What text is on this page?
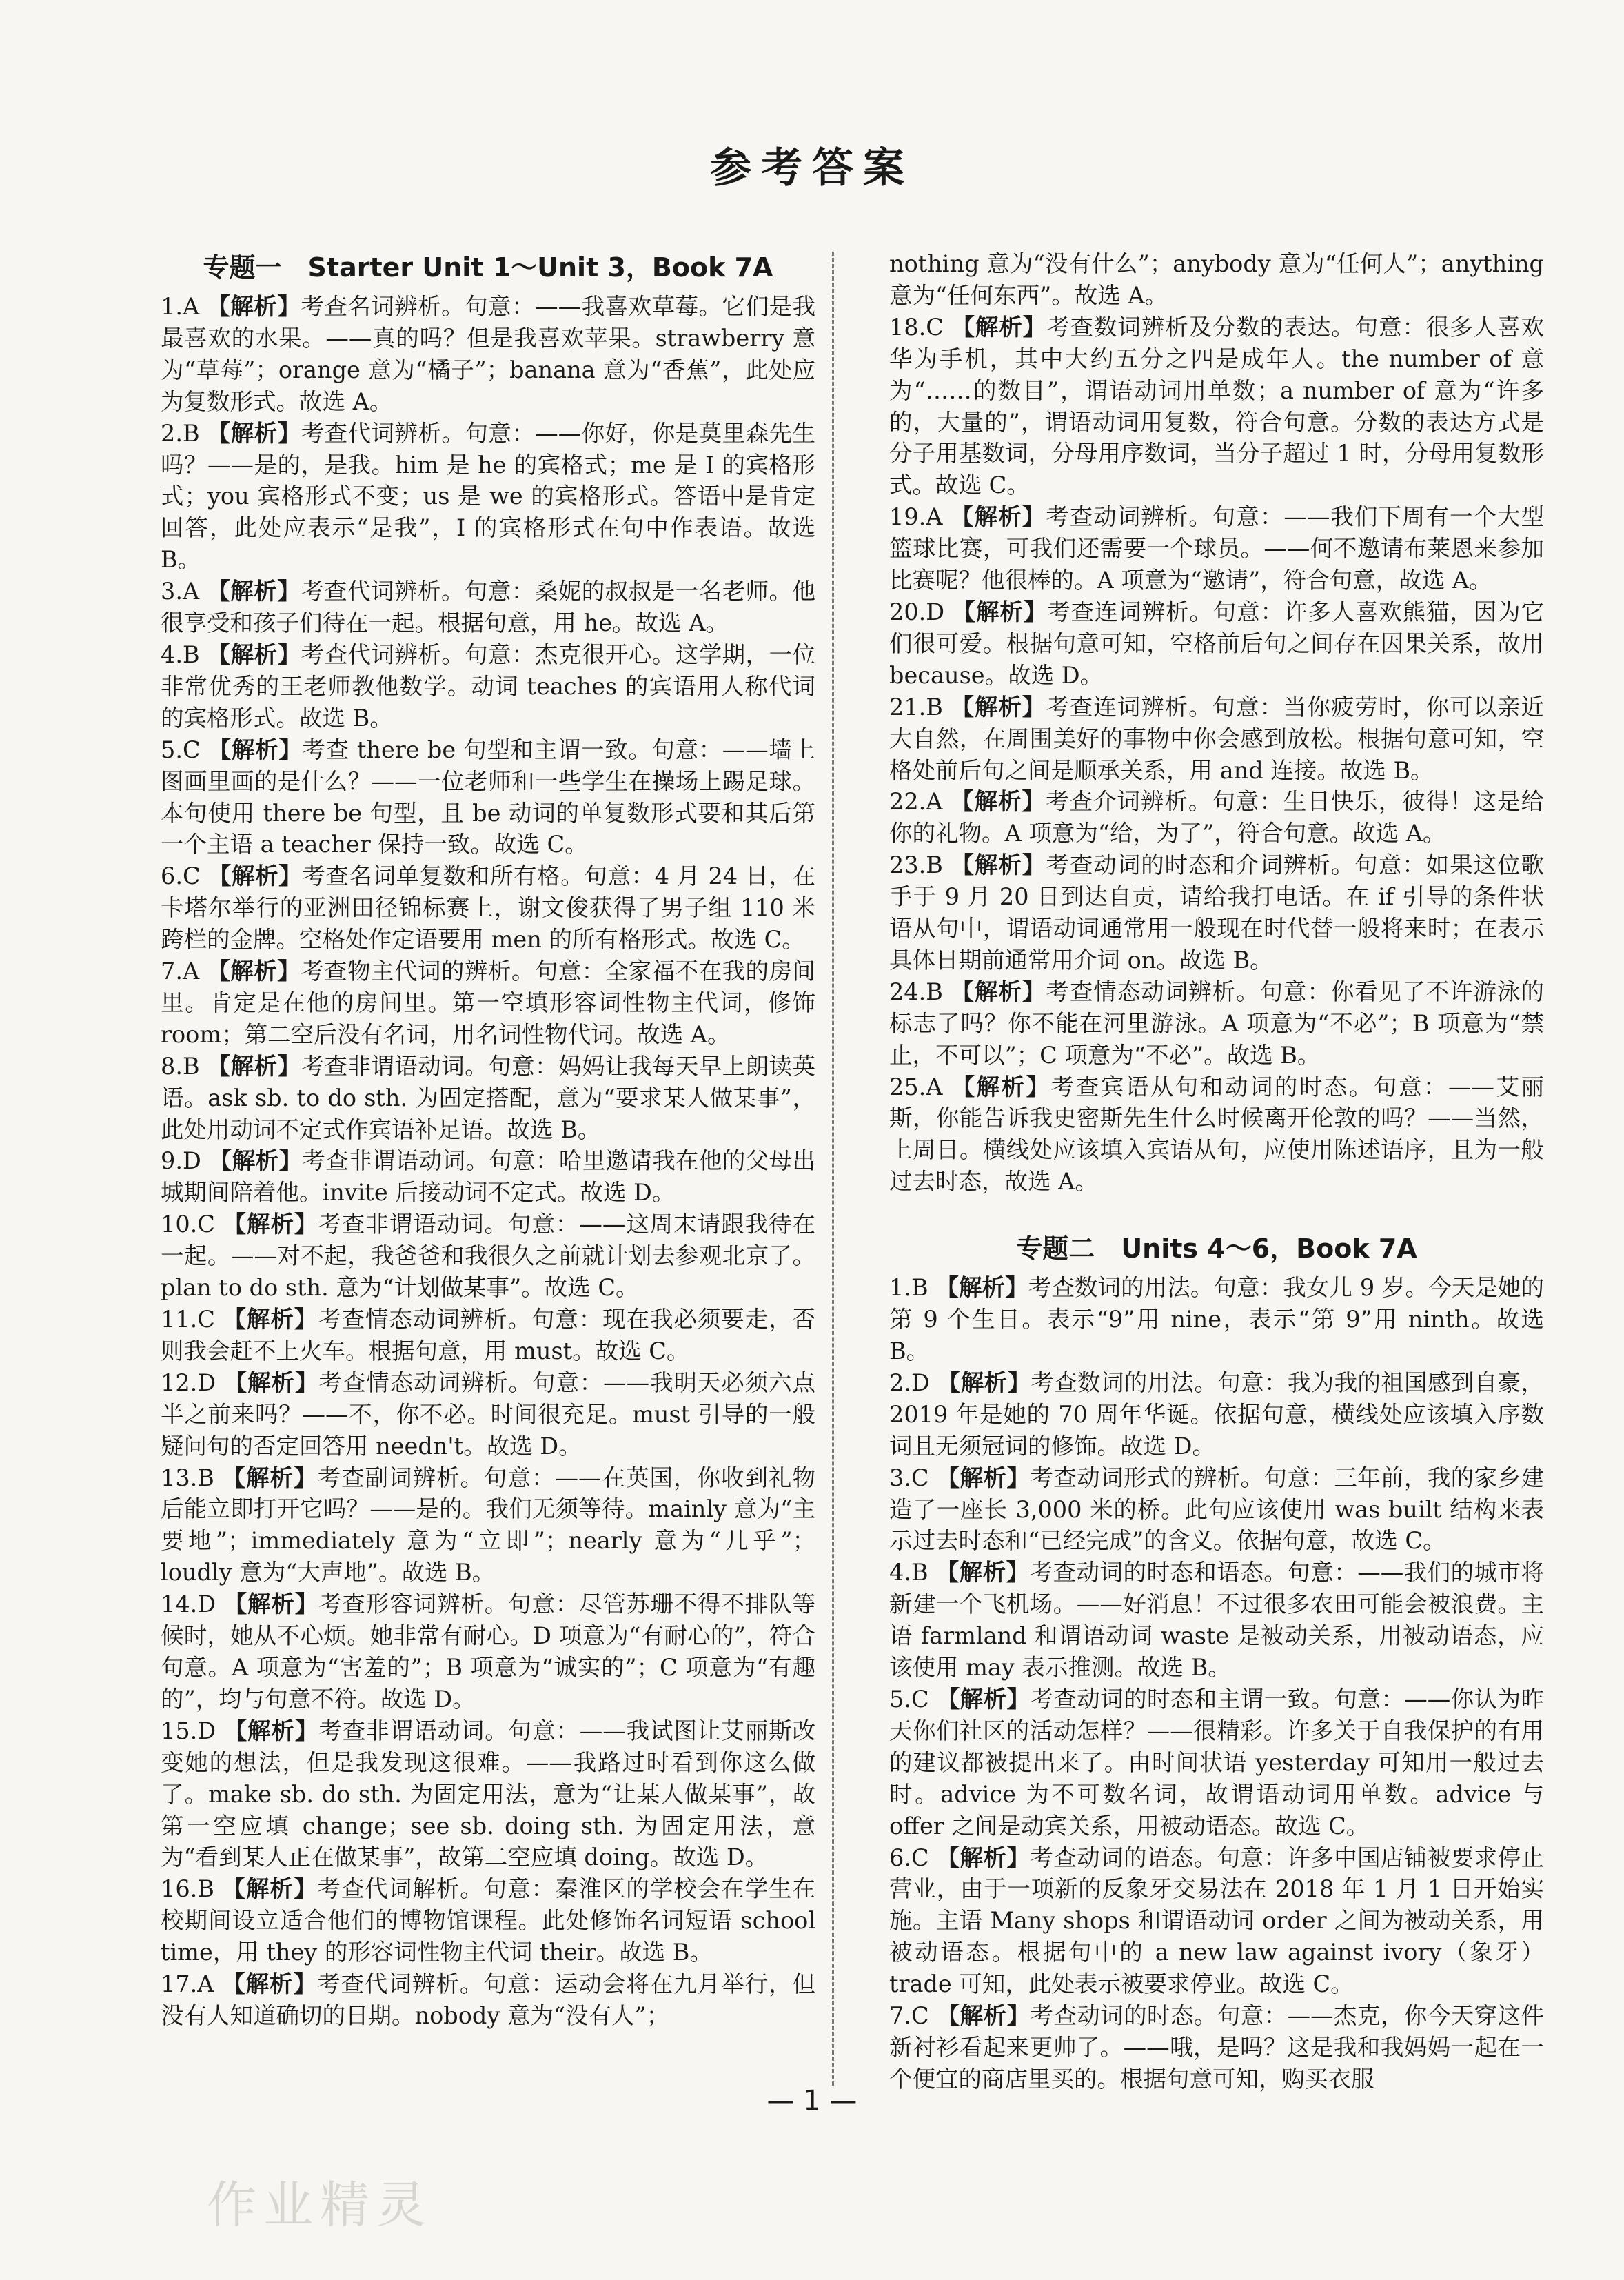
参考答案
专题一　Starter Unit 1～Unit 3，Book 7A

1.A 【解析】考查名词辨析。句意：——我喜欢草莓。它们是我最喜欢的水果。——真的吗？但是我喜欢苹果。strawberry 意为“草莓”；orange 意为“橘子”；banana 意为“香蕉”，此处应为复数形式。故选 A。

2.B 【解析】考查代词辨析。句意：——你好，你是莫里森先生吗？——是的，是我。him 是 he 的宾格式；me 是 I 的宾格形式；you 宾格形式不变；us 是 we 的宾格形式。答语中是肯定回答，此处应表示“是我”，I 的宾格形式在句中作表语。故选 B。

3.A 【解析】考查代词辨析。句意：桑妮的叔叔是一名老师。他很享受和孩子们待在一起。根据句意，用 he。故选 A。

4.B 【解析】考查代词辨析。句意：杰克很开心。这学期，一位非常优秀的王老师教他数学。动词 teaches 的宾语用人称代词的宾格形式。故选 B。

5.C 【解析】考查 there be 句型和主谓一致。句意：——墙上图画里画的是什么？——一位老师和一些学生在操场上踢足球。本句使用 there be 句型，且 be 动词的单复数形式要和其后第一个主语 a teacher 保持一致。故选 C。

6.C 【解析】考查名词单复数和所有格。句意：4 月 24 日，在卡塔尔举行的亚洲田径锦标赛上，谢文俊获得了男子组 110 米跨栏的金牌。空格处作定语要用 men 的所有格形式。故选 C。

7.A 【解析】考查物主代词的辨析。句意：全家福不在我的房间里。肯定是在他的房间里。第一空填形容词性物主代词，修饰 room；第二空后没有名词，用名词性物代词。故选 A。

8.B 【解析】考查非谓语动词。句意：妈妈让我每天早上朗读英语。ask sb. to do sth. 为固定搭配，意为“要求某人做某事”，此处用动词不定式作宾语补足语。故选 B。

9.D 【解析】考查非谓语动词。句意：哈里邀请我在他的父母出城期间陪着他。invite 后接动词不定式。故选 D。

10.C 【解析】考查非谓语动词。句意：——这周末请跟我待在一起。——对不起，我爸爸和我很久之前就计划去参观北京了。plan to do sth. 意为“计划做某事”。故选 C。

11.C 【解析】考查情态动词辨析。句意：现在我必须要走，否则我会赶不上火车。根据句意，用 must。故选 C。

12.D 【解析】考查情态动词辨析。句意：——我明天必须六点半之前来吗？——不，你不必。时间很充足。must 引导的一般疑问句的否定回答用 needn't。故选 D。

13.B 【解析】考查副词辨析。句意：——在英国，你收到礼物后能立即打开它吗？——是的。我们无须等待。mainly 意为“主要地”；immediately 意为“立即”；nearly 意为“几乎”；loudly 意为“大声地”。故选 B。

14.D 【解析】考查形容词辨析。句意：尽管苏珊不得不排队等候时，她从不心烦。她非常有耐心。D 项意为“有耐心的”，符合句意。A 项意为“害羞的”；B 项意为“诚实的”；C 项意为“有趣的”，均与句意不符。故选 D。

15.D 【解析】考查非谓语动词。句意：——我试图让艾丽斯改变她的想法，但是我发现这很难。——我路过时看到你这么做了。make sb. do sth. 为固定用法，意为“让某人做某事”，故第一空应填 change；see sb. doing sth. 为固定用法，意为“看到某人正在做某事”，故第二空应填 doing。故选 D。

16.B 【解析】考查代词解析。句意：秦淮区的学校会在学生在校期间设立适合他们的博物馆课程。此处修饰名词短语 school time，用 they 的形容词性物主代词 their。故选 B。

17.A 【解析】考查代词辨析。句意：运动会将在九月举行，但没有人知道确切的日期。nobody 意为“没有人”；

nothing 意为“没有什么”；anybody 意为“任何人”；anything 意为“任何东西”。故选 A。

18.C 【解析】考查数词辨析及分数的表达。句意：很多人喜欢华为手机，其中大约五分之四是成年人。the number of 意为“……的数目”，谓语动词用单数；a number of 意为“许多的，大量的”，谓语动词用复数，符合句意。分数的表达方式是分子用基数词，分母用序数词，当分子超过 1 时，分母用复数形式。故选 C。

19.A 【解析】考查动词辨析。句意：——我们下周有一个大型篮球比赛，可我们还需要一个球员。——何不邀请布莱恩来参加比赛呢？他很棒的。A 项意为“邀请”，符合句意，故选 A。

20.D 【解析】考查连词辨析。句意：许多人喜欢熊猫，因为它们很可爱。根据句意可知，空格前后句之间存在因果关系，故用 because。故选 D。

21.B 【解析】考查连词辨析。句意：当你疲劳时，你可以亲近大自然，在周围美好的事物中你会感到放松。根据句意可知，空格处前后句之间是顺承关系，用 and 连接。故选 B。

22.A 【解析】考查介词辨析。句意：生日快乐，彼得！这是给你的礼物。A 项意为“给，为了”，符合句意。故选 A。

23.B 【解析】考查动词的时态和介词辨析。句意：如果这位歌手于 9 月 20 日到达自贡，请给我打电话。在 if 引导的条件状语从句中，谓语动词通常用一般现在时代替一般将来时；在表示具体日期前通常用介词 on。故选 B。

24.B 【解析】考查情态动词辨析。句意：你看见了不许游泳的标志了吗？你不能在河里游泳。A 项意为“不必”；B 项意为“禁止，不可以”；C 项意为“不必”。故选 B。

25.A 【解析】考查宾语从句和动词的时态。句意：——艾丽斯，你能告诉我史密斯先生什么时候离开伦敦的吗？——当然，上周日。横线处应该填入宾语从句，应使用陈述语序，且为一般过去时态，故选 A。

专题二　Units 4～6，Book 7A

1.B 【解析】考查数词的用法。句意：我女儿 9 岁。今天是她的第 9 个生日。表示“9”用 nine，表示“第 9”用 ninth。故选 B。

2.D 【解析】考查数词的用法。句意：我为我的祖国感到自豪，2019 年是她的 70 周年华诞。依据句意，横线处应该填入序数词且无须冠词的修饰。故选 D。

3.C 【解析】考查动词形式的辨析。句意：三年前，我的家乡建造了一座长 3,000 米的桥。此句应该使用 was built 结构来表示过去时态和“已经完成”的含义。依据句意，故选 C。

4.B 【解析】考查动词的时态和语态。句意：——我们的城市将新建一个飞机场。——好消息！不过很多农田可能会被浪费。主语 farmland 和谓语动词 waste 是被动关系，用被动语态，应该使用 may 表示推测。故选 B。

5.C 【解析】考查动词的时态和主谓一致。句意：——你认为昨天你们社区的活动怎样？——很精彩。许多关于自我保护的有用的建议都被提出来了。由时间状语 yesterday 可知用一般过去时。advice 为不可数名词，故谓语动词用单数。advice 与 offer 之间是动宾关系，用被动语态。故选 C。

6.C 【解析】考查动词的语态。句意：许多中国店铺被要求停止营业，由于一项新的反象牙交易法在 2018 年 1 月 1 日开始实施。主语 Many shops 和谓语动词 order 之间为被动关系，用被动语态。根据句中的 a new law against ivory（象牙）trade 可知，此处表示被要求停业。故选 C。

7.C 【解析】考查动词的时态。句意：——杰克，你今天穿这件新衬衫看起来更帅了。——哦，是吗？这是我和我妈妈一起在一个便宜的商店里买的。根据句意可知，购买衣服

— 1 —
作业精灵
